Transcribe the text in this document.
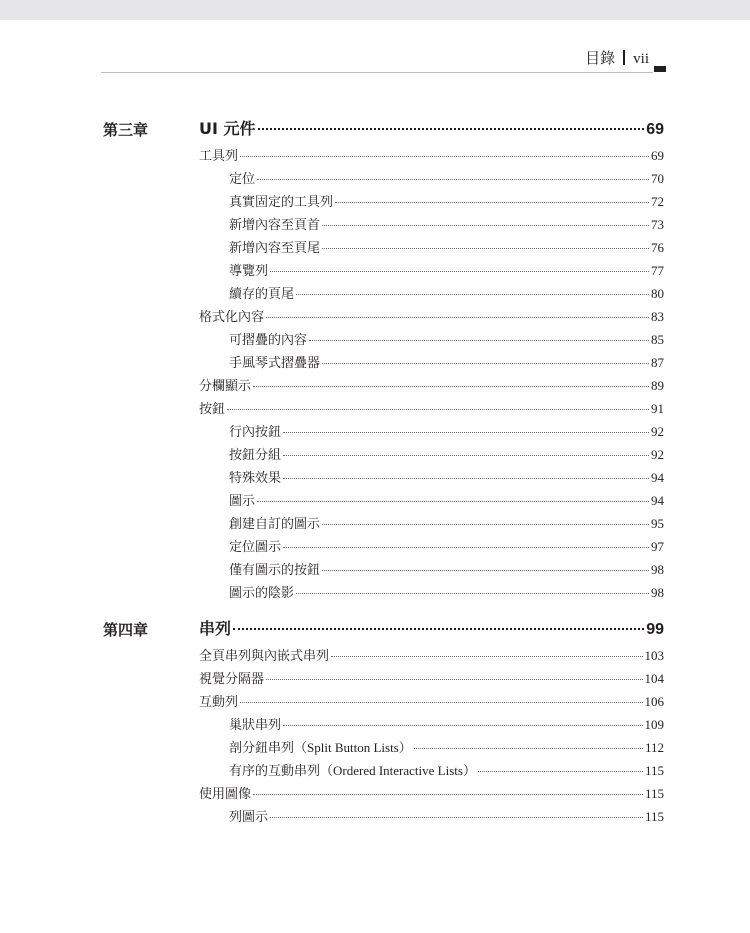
目錄 vii
第三章	UI 元件	69
工具列	69
定位	70
真實固定的工具列	72
新增內容至頁首	73
新增內容至頁尾	76
導覽列	77
續存的頁尾	80
格式化內容	83
可摺疊的內容	85
手風琴式摺疊器	87
分欄顯示	89
按鈕	91
行內按鈕	92
按鈕分組	92
特殊效果	94
圖示	94
創建自訂的圖示	95
定位圖示	97
僅有圖示的按鈕	98
圖示的陰影	98
第四章	串列	99
全頁串列與內嵌式串列	103
視覺分隔器	104
互動列	106
巢狀串列	109
剖分鈕串列（Split Button Lists）	112
有序的互動串列（Ordered Interactive Lists）	115
使用圖像	115
列圖示	115
